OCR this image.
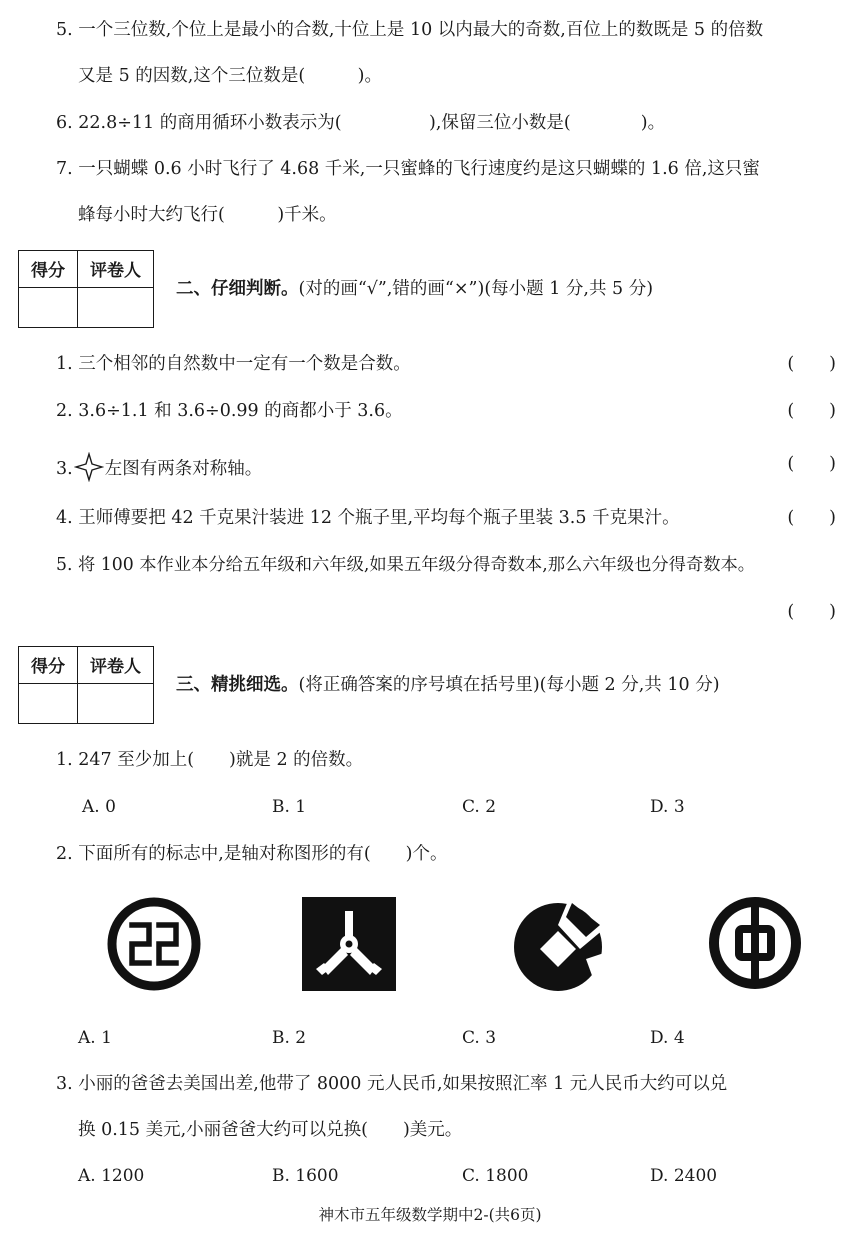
5. 一个三位数,个位上是最小的合数,十位上是 10 以内最大的奇数,百位上的数既是 5 的倍数
又是 5 的因数,这个三位数是(　　　)。
6. 22.8÷11 的商用循环小数表示为(　　　　　),保留三位小数是(　　　　)。
7. 一只蝴蝶 0.6 小时飞行了 4.68 千米,一只蜜蜂的飞行速度约是这只蝴蝶的 1.6 倍,这只蜜
蜂每小时大约飞行(　　　)千米。
得分	评卷人
二、仔细判断。(对的画“√”,错的画“×”)(每小题 1 分,共 5 分)
1. 三个相邻的自然数中一定有一个数是合数。	(　　)
2. 3.6÷1.1 和 3.6÷0.99 的商都小于 3.6。	(　　)
3. 左图有两条对称轴。	(　　)
4. 王师傅要把 42 千克果汁装进 12 个瓶子里,平均每个瓶子里装 3.5 千克果汁。	(　　)
5. 将 100 本作业本分给五年级和六年级,如果五年级分得奇数本,那么六年级也分得奇数本。
(　　)
得分	评卷人
三、精挑细选。(将正确答案的序号填在括号里)(每小题 2 分,共 10 分)
1. 247 至少加上(　　)就是 2 的倍数。
A. 0	B. 1	C. 2	D. 3
2. 下面所有的标志中,是轴对称图形的有(　　)个。
A. 1	B. 2	C. 3	D. 4
3. 小丽的爸爸去美国出差,他带了 8000 元人民币,如果按照汇率 1 元人民币大约可以兑
换 0.15 美元,小丽爸爸大约可以兑换(　　)美元。
A. 1200	B. 1600	C. 1800	D. 2400
神木市五年级数学期中2-(共6页)
